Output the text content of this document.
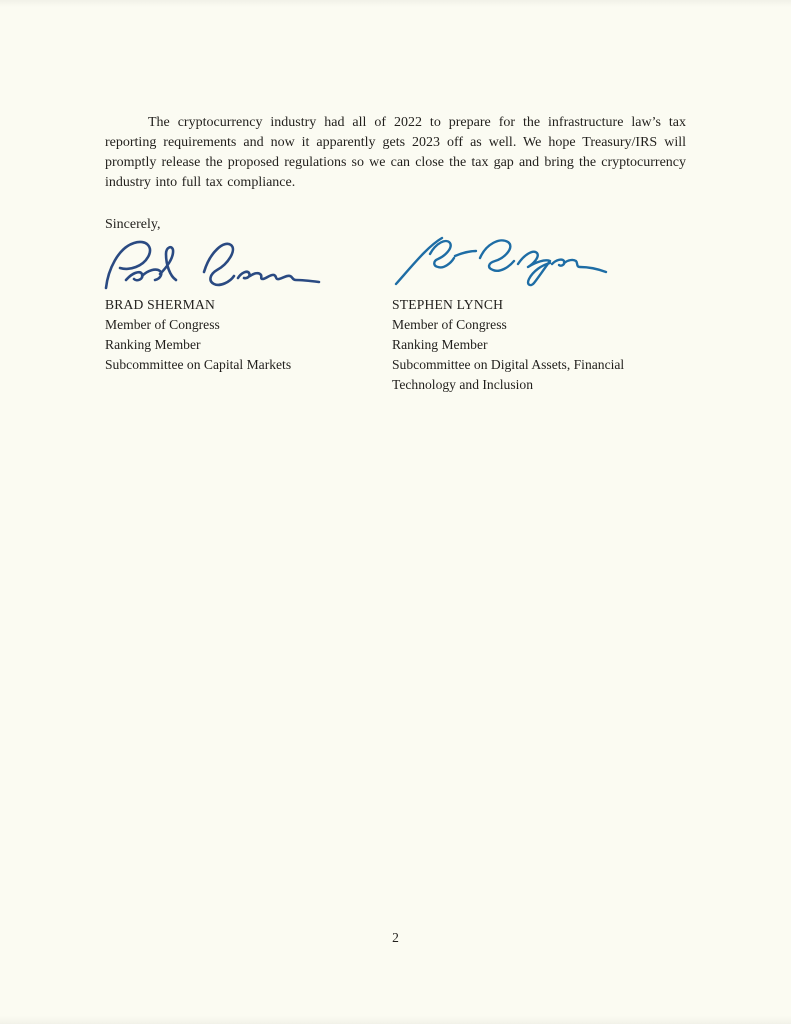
The cryptocurrency industry had all of 2022 to prepare for the infrastructure law’s tax reporting requirements and now it apparently gets 2023 off as well. We hope Treasury/IRS will promptly release the proposed regulations so we can close the tax gap and bring the cryptocurrency industry into full tax compliance.

Sincerely,
BRAD SHERMAN
Member of Congress
Ranking Member
Subcommittee on Capital Markets
STEPHEN LYNCH
Member of Congress
Ranking Member
Subcommittee on Digital Assets, Financial Technology and Inclusion
2
